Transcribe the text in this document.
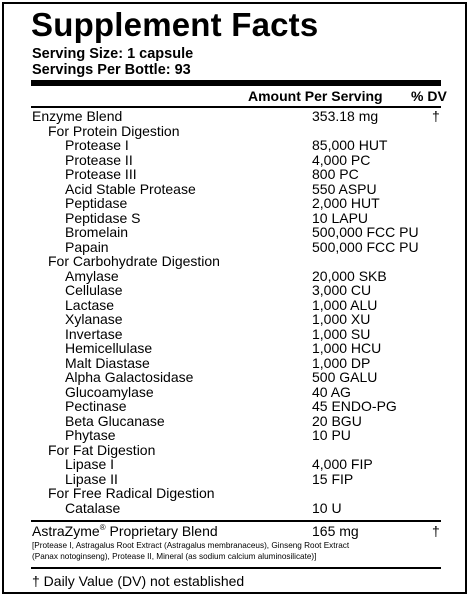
Supplement Facts
Serving Size: 1 capsule
Servings Per Bottle: 93
Amount Per Serving % DV
Enzyme Blend	353.18 mg	†
For Protein Digestion
Protease I	85,000 HUT
Protease II	4,000 PC
Protease III	800 PC
Acid Stable Protease	550 ASPU
Peptidase	2,000 HUT
Peptidase S	10 LAPU
Bromelain	500,000 FCC PU
Papain	500,000 FCC PU
For Carbohydrate Digestion
Amylase	20,000 SKB
Cellulase	3,000 CU
Lactase	1,000 ALU
Xylanase	1,000 XU
Invertase	1,000 SU
Hemicellulase	1,000 HCU
Malt Diastase	1,000 DP
Alpha Galactosidase	500 GALU
Glucoamylase	40 AG
Pectinase	45 ENDO-PG
Beta Glucanase	20 BGU
Phytase	10 PU
For Fat Digestion
Lipase I	4,000 FIP
Lipase II	15 FIP
For Free Radical Digestion
Catalase	10 U
AstraZyme® Proprietary Blend	165 mg	†
[Protease I, Astragalus Root Extract (Astragalus membranaceus), Ginseng Root Extract
(Panax notoginseng), Protease II, Mineral (as sodium calcium aluminosilicate)]
† Daily Value (DV) not established
